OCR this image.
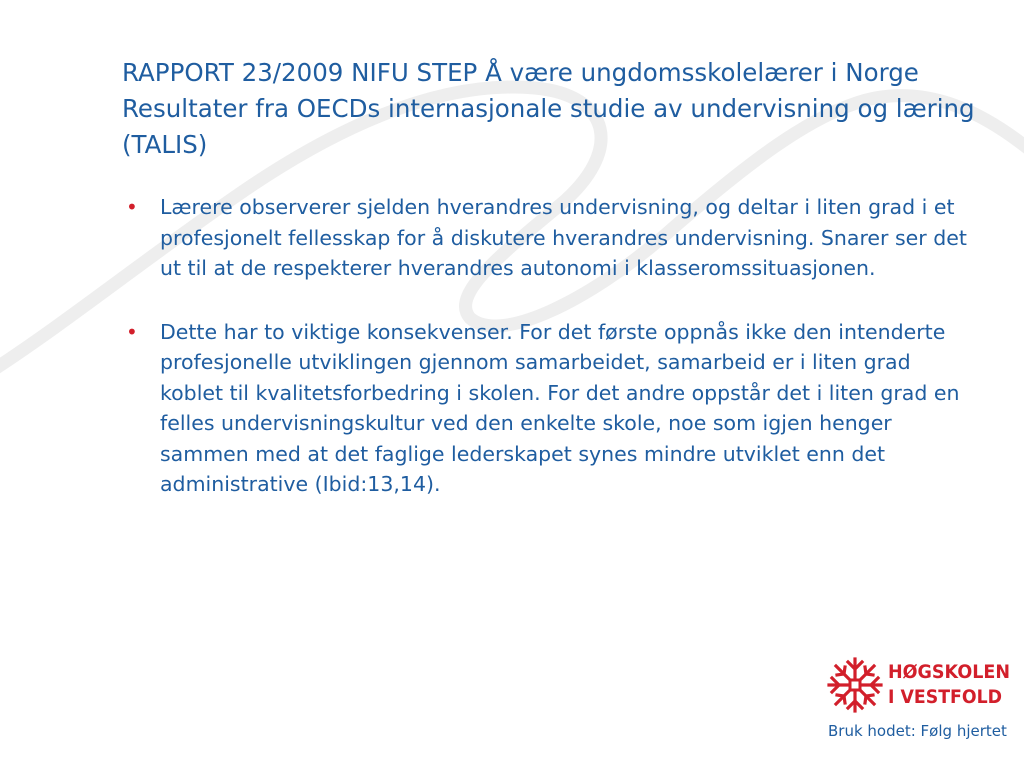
RAPPORT 23/2009 NIFU STEP Å være ungdomsskolelærer i Norge Resultater fra OECDs internasjonale studie av undervisning og læring (TALIS)
• Lærere observerer sjelden hverandres undervisning, og deltar i liten grad i et profesjonelt fellesskap for å diskutere hverandres undervisning. Snarer ser det ut til at de respekterer hverandres autonomi i klasseromssituasjonen.
• Dette har to viktige konsekvenser. For det første oppnås ikke den intenderte profesjonelle utviklingen gjennom samarbeidet, samarbeid er i liten grad koblet til kvalitetsforbedring i skolen. For det andre oppstår det i liten grad en felles undervisningskultur ved den enkelte skole, noe som igjen henger sammen med at det faglige lederskapet synes mindre utviklet enn det administrative (Ibid:13,14).
HØGSKOLEN
I VESTFOLD
Bruk hodet: Følg hjertet
